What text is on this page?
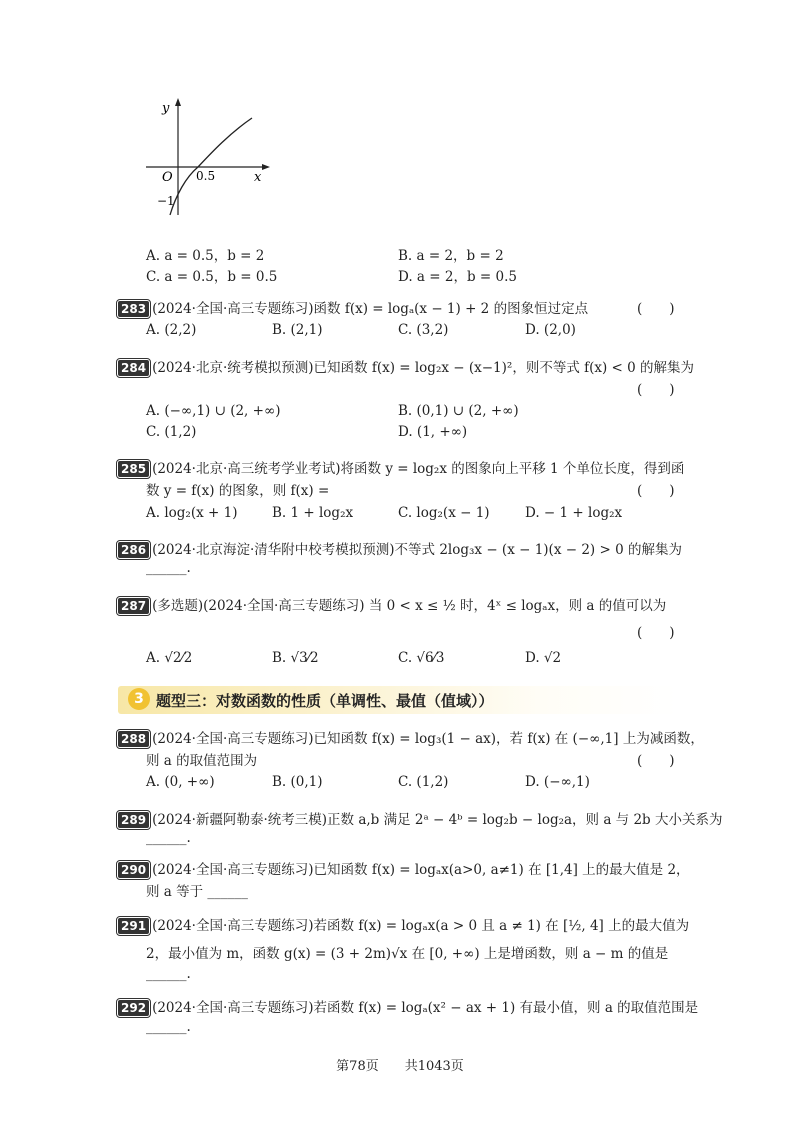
y
x
O 0.5
−1
A. a = 0.5，b = 2	B. a = 2，b = 2
C. a = 0.5，b = 0.5	D. a = 2，b = 0.5
283 (2024·全国·高三专题练习)函数 f(x) = logₐ(x − 1) + 2 的图象恒过定点	(　　)
A. (2,2)	B. (2,1)	C. (3,2)	D. (2,0)
284 (2024·北京·统考模拟预测)已知函数 f(x) = log₂x − (x−1)²，则不等式 f(x) < 0 的解集为
(　　)
A. (−∞,1) ∪ (2, +∞)	B. (0,1) ∪ (2, +∞)
C. (1,2)	D. (1, +∞)
285 (2024·北京·高三统考学业考试)将函数 y = log₂x 的图象向上平移 1 个单位长度，得到函
数 y = f(x) 的图象，则 f(x) =	(　　)
A. log₂(x + 1)	B. 1 + log₂x	C. log₂(x − 1)	D. − 1 + log₂x
286 (2024·北京海淀·清华附中校考模拟预测)不等式 2log₃x − (x − 1)(x − 2) > 0 的解集为
______.
287 (多选题)(2024·全国·高三专题练习) 当 0 < x ≤ ½ 时，4ˣ ≤ logₐx，则 a 的值可以为
(　　)
A. √2⁄2	B. √3⁄2	C. √6⁄3	D. √2
3 题型三：对数函数的性质（单调性、最值（值域））
288 (2024·全国·高三专题练习)已知函数 f(x) = log₃(1 − ax)，若 f(x) 在 (−∞,1] 上为减函数，
则 a 的取值范围为	(　　)
A. (0, +∞)	B. (0,1)	C. (1,2)	D. (−∞,1)
289 (2024·新疆阿勒泰·统考三模)正数 a,b 满足 2ᵃ − 4ᵇ = log₂b − log₂a，则 a 与 2b 大小关系为
______.
290 (2024·全国·高三专题练习)已知函数 f(x) = logₐx(a>0, a≠1) 在 [1,4] 上的最大值是 2，
则 a 等于 ______
291 (2024·全国·高三专题练习)若函数 f(x) = logₐx(a > 0 且 a ≠ 1) 在 [½, 4] 上的最大值为
2，最小值为 m，函数 g(x) = (3 + 2m)√x 在 [0, +∞) 上是增函数，则 a − m 的值是
______.
292 (2024·全国·高三专题练习)若函数 f(x) = logₐ(x² − ax + 1) 有最小值，则 a 的取值范围是
______.
第78页　　共1043页
